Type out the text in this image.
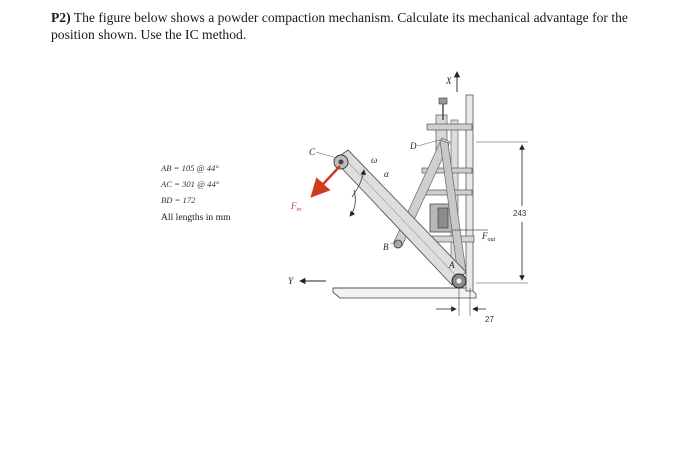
P2) The figure below shows a powder compaction mechanism. Calculate its mechanical advantage for the position shown. Use the IC method.
AB = 105 @ 44°
AC = 301 @ 44°
BD = 172
All lengths in mm
X
Y
C
D
B
A
ω
α
$F_{in}$
$F_{out}$
243
27
